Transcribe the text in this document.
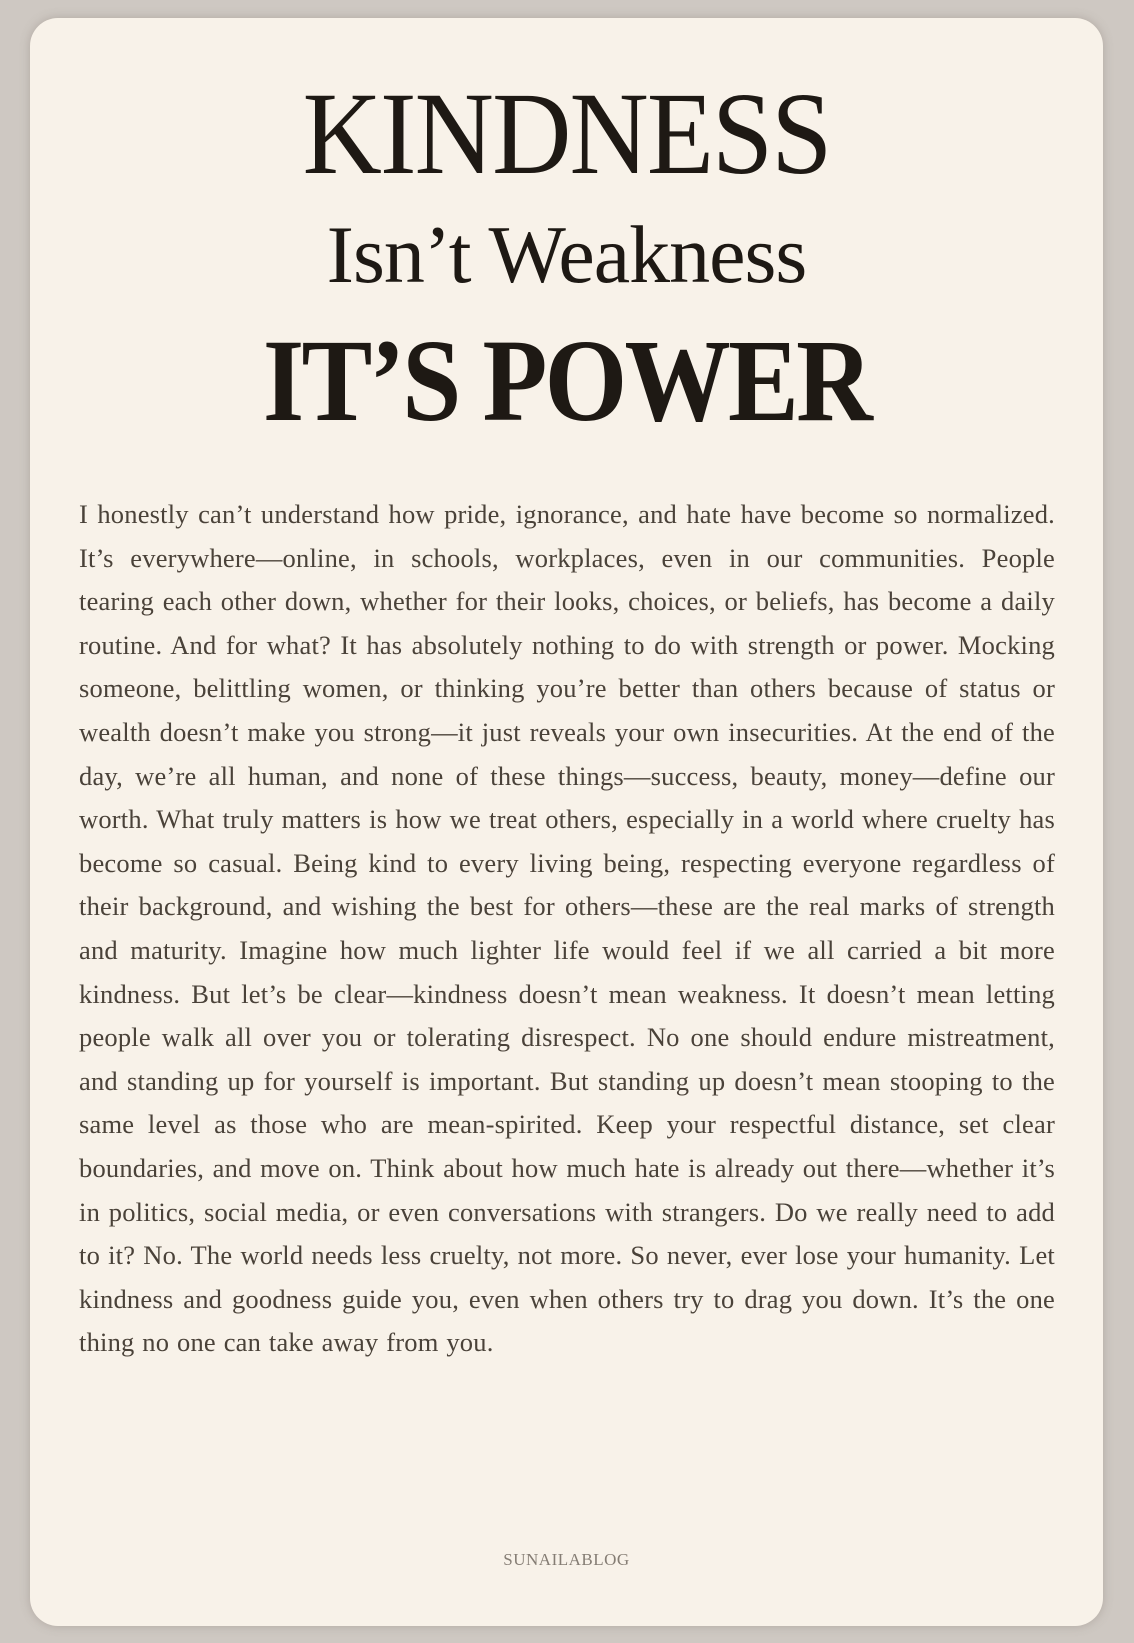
KINDNESS
Isn’t Weakness
IT’S POWER

I honestly can’t understand how pride, ignorance, and hate have become so normalized. It’s everywhere—online, in schools, workplaces, even in our communities. People tearing each other down, whether for their looks, choices, or beliefs, has become a daily routine. And for what? It has absolutely nothing to do with strength or power. Mocking someone, belittling women, or thinking you’re better than others because of status or wealth doesn’t make you strong—it just reveals your own insecurities. At the end of the day, we’re all human, and none of these things—success, beauty, money—define our worth. What truly matters is how we treat others, especially in a world where cruelty has become so casual. Being kind to every living being, respecting everyone regardless of their background, and wishing the best for others—these are the real marks of strength and maturity. Imagine how much lighter life would feel if we all carried a bit more kindness. But let’s be clear—kindness doesn’t mean weakness. It doesn’t mean letting people walk all over you or tolerating disrespect. No one should endure mistreatment, and standing up for yourself is important. But standing up doesn’t mean stooping to the same level as those who are mean-spirited. Keep your respectful distance, set clear boundaries, and move on. Think about how much hate is already out there—whether it’s in politics, social media, or even conversations with strangers. Do we really need to add to it? No. The world needs less cruelty, not more. So never, ever lose your humanity. Let kindness and goodness guide you, even when others try to drag you down. It’s the one thing no one can take away from you.

SUNAILABLOG
